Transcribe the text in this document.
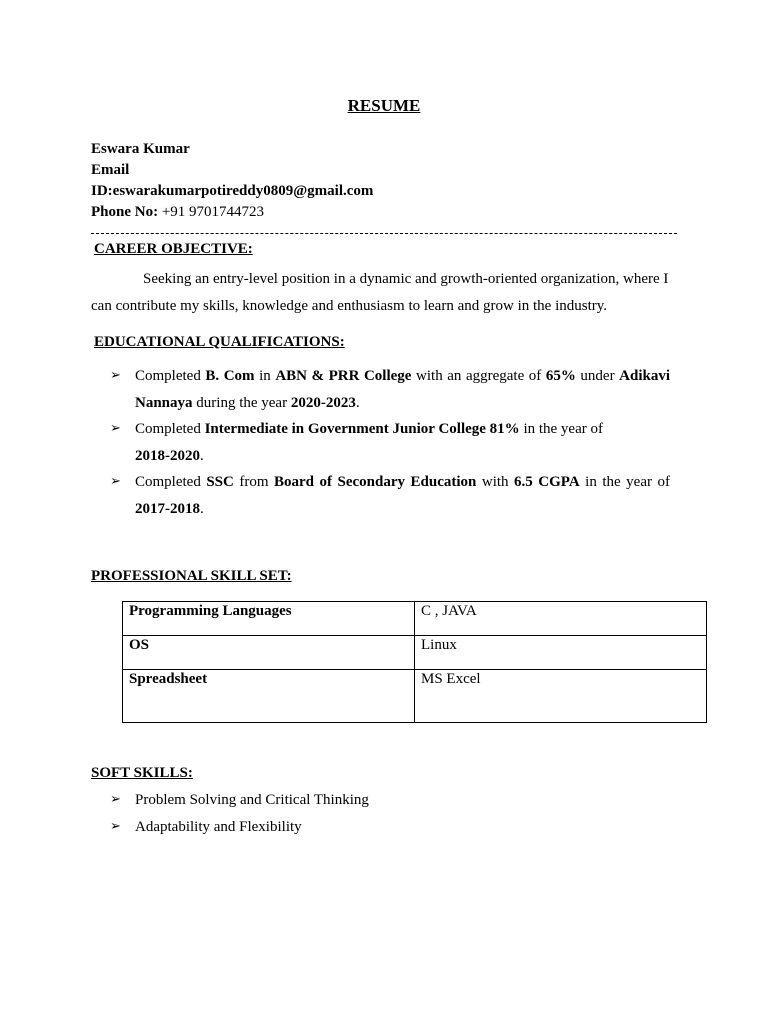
RESUME
Eswara Kumar
Email
ID:eswarakumarpotireddy0809@gmail.com
Phone No: +91 9701744723
CAREER OBJECTIVE:
Seeking an entry-level position in a dynamic and growth-oriented organization, where I can contribute my skills, knowledge and enthusiasm to learn and grow in the industry.
EDUCATIONAL QUALIFICATIONS:
➢ Completed B. Com in ABN & PRR College with an aggregate of 65% under Adikavi Nannaya during the year 2020-2023.
➢ Completed Intermediate in Government Junior College 81% in the year of
2018-2020.
➢ Completed SSC from Board of Secondary Education with 6.5 CGPA in the year of 2017-2018.
PROFESSIONAL SKILL SET:
Programming Languages	C , JAVA
OS	Linux
Spreadsheet	MS Excel
SOFT SKILLS:
➢ Problem Solving and Critical Thinking
➢ Adaptability and Flexibility
